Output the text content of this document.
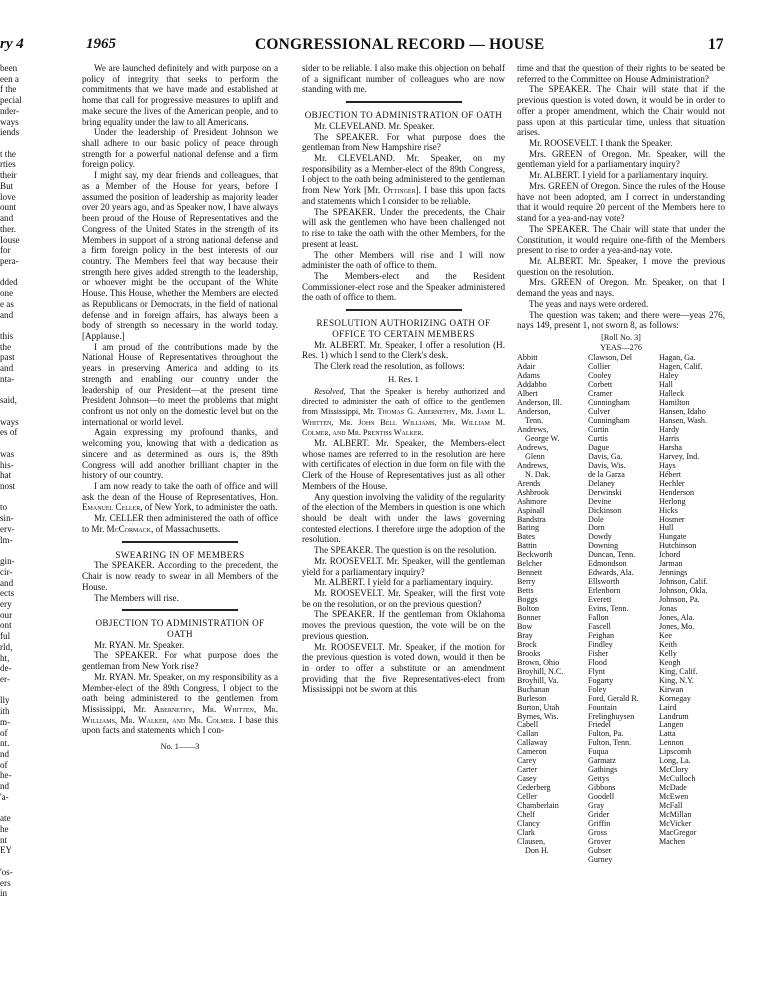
ry 4	1965	CONGRESSIONAL RECORD — HOUSE	17
been
een a
f the
pecial
nder-
ways
iends
t the
rties
their
But
love
ount
and
ther.
Iouse
for
pera-
dded
one
e as
and
this
the
past
and
nta-
said,
ways
es of
was
his-
hat
nost
to
sin-
erv-
lm-
gin-
cir-
and
ects
ery
our
ont
ful
rld,
ht,
de-
er-
lly
ith
m-
of
nt.
nd
of
he-
nd
'a-
ate
he
nt
EY
'os-
ers
in

We are launched definitely and with purpose on a policy of integrity that seeks to perform the commitments that we have made and established at home that call for progressive measures to uplift and make secure the lives of the American people, and to bring equality under the law to all Americans.

Under the leadership of President Johnson we shall adhere to our basic policy of peace through strength for a powerful national defense and a firm foreign policy.

I might say, my dear friends and colleagues, that as a Member of the House for years, before I assumed the position of leadership as majority leader over 20 years ago, and as Speaker now, I have always been proud of the House of Representatives and the Congress of the United States in the strength of its Members in support of a strong national defense and a firm foreign policy in the best interests of our country. The Members feel that way because their strength here gives added strength to the leadership, or whoever might be the occupant of the White House. This House, whether the Members are elected as Republicans or Democrats, in the field of national defense and in foreign affairs, has always been a body of strength so necessary in the world today. [Applause.]

I am proud of the contributions made by the National House of Representatives throughout the years in preserving America and adding to its strength and enabling our country under the leadership of our President—at the present time President Johnson—to meet the problems that might confront us not only on the domestic level but on the international or world level.

Again expressing my profound thanks, and welcoming you, knowing that with a dedication as sincere and as determined as ours is, the 89th Congress will add another brilliant chapter in the history of our country.

I am now ready to take the oath of office and will ask the dean of the House of Representatives, Hon. Emanuel Celler, of New York, to administer the oath.

Mr. CELLER then administered the oath of office to Mr. McCormack, of Massachusetts.

SWEARING IN OF MEMBERS

The SPEAKER. According to the precedent, the Chair is now ready to swear in all Members of the House.

The Members will rise.

OBJECTION TO ADMINISTRATION OF OATH

Mr. RYAN. Mr. Speaker.

The SPEAKER. For what purpose does the gentleman from New York rise?

Mr. RYAN. Mr. Speaker, on my responsibility as a Member-elect of the 89th Congress, I object to the oath being administered to the gentlemen from Mississippi, Mr. Abernethy, Mr. Whitten, Mr. Williams, Mr. Walker, and Mr. Colmer. I base this upon facts and statements which I con-

No. 1——3

sider to be reliable. I also make this objection on behalf of a significant number of colleagues who are now standing with me.

OBJECTION TO ADMINISTRATION OF OATH

Mr. CLEVELAND. Mr. Speaker.

The SPEAKER. For what purpose does the gentleman from New Hampshire rise?

Mr. CLEVELAND. Mr. Speaker, on my responsibility as a Member-elect of the 89th Congress, I object to the oath being administered to the gentleman from New York [Mr. Ottinger]. I base this upon facts and statements which I consider to be reliable.

The SPEAKER. Under the precedents, the Chair will ask the gentlemen who have been challenged not to rise to take the oath with the other Members, for the present at least.

The other Members will rise and I will now administer the oath of office to them.

The Members-elect and the Resident Commissioner-elect rose and the Speaker administered the oath of office to them.

RESOLUTION AUTHORIZING OATH OF OFFICE TO CERTAIN MEMBERS

Mr. ALBERT. Mr. Speaker, I offer a resolution (H. Res. 1) which I send to the Clerk's desk.

The Clerk read the resolution, as follows:

H. Res. 1

Resolved, That the Speaker is hereby authorized and directed to administer the oath of office to the gentlemen from Mississippi, Mr. Thomas G. Abernethy, Mr. Jamie L. Whitten, Mr. John Bell Williams, Mr. William M. Colmer, and Mr. Prentiss Walker.

Mr. ALBERT. Mr. Speaker, the Members-elect whose names are referred to in the resolution are here with certificates of election in due form on file with the Clerk of the House of Representatives just as all other Members of the House.

Any question involving the validity of the regularity of the election of the Members in question is one which should be dealt with under the laws governing contested elections. I therefore urge the adoption of the resolution.

The SPEAKER. The question is on the resolution.

Mr. ROOSEVELT. Mr. Speaker, will the gentleman yield for a parliamentary inquiry?

Mr. ALBERT. I yield for a parliamentary inquiry.

Mr. ROOSEVELT. Mr. Speaker, will the first vote be on the resolution, or on the previous question?

The SPEAKER. If the gentleman from Oklahoma moves the previous question, the vote will be on the previous question.

Mr. ROOSEVELT. Mr. Speaker, if the motion for the previous question is voted down, would it then be in order to offer a substitute or an amendment providing that the five Representatives-elect from Mississippi not be sworn at this

time and that the question of their rights to be seated be referred to the Committee on House Administration?

The SPEAKER. The Chair will state that if the previous question is voted down, it would be in order to offer a proper amendment, which the Chair would not pass upon at this particular time, unless that situation arises.

Mr. ROOSEVELT. I thank the Speaker.

Mrs. GREEN of Oregon. Mr. Speaker, will the gentleman yield for a parliamentary inquiry?

Mr. ALBERT. I yield for a parliamentary inquiry.

Mrs. GREEN of Oregon. Since the rules of the House have not been adopted, am I correct in understanding that it would require 20 percent of the Members here to stand for a yea-and-nay vote?

The SPEAKER. The Chair will state that under the Constitution, it would require one-fifth of the Members present to rise to order a yea-and-nay vote.

Mr. ALBERT. Mr. Speaker, I move the previous question on the resolution.

Mrs. GREEN of Oregon. Mr. Speaker, on that I demand the yeas and nays.

The yeas and nays were ordered.

The question was taken; and there were—yeas 276, nays 149, present 1, not sworn 8, as follows:

[Roll No. 3]

YEAS—276

Abbitt
Adair
Adams
Addabbo
Albert
Anderson, Ill.
Anderson,
Tenn.
Andrews,
George W.
Andrews,
Glenn
Andrews,
N. Dak.
Arends
Ashbrook
Ashmore
Aspinall
Bandstra
Baring
Bates
Battin
Beckworth
Belcher
Bennett
Berry
Betts
Boggs
Bolton
Bonner
Bow
Bray
Brock
Brooks
Brown, Ohio
Broyhill, N.C.
Broyhill, Va.
Buchanan
Burleson
Burton, Utah
Byrnes, Wis.
Cabell
Callan
Callaway
Cameron
Carey
Carter
Casey
Cederberg
Celler
Chamberlain
Chelf
Clancy
Clark
Clausen,
Don H.
Clawson, Del
Collier
Cooley
Corbett
Cramer
Cunningham
Culver
Cunningham
Curtin
Curtis
Dague
Davis, Ga.
Davis, Wis.
de la Garza
Delaney
Derwinski
Devine
Dickinson
Dole
Dorn
Dowdy
Downing
Duncan, Tenn.
Edmondson
Edwards, Ala.
Ellsworth
Erlenborn
Everett
Evins, Tenn.
Fallon
Fascell
Feighan
Findley
Fisher
Flood
Flynt
Fogarty
Foley
Ford, Gerald R.
Fountain
Frelinghuysen
Friedel
Fulton, Pa.
Fulton, Tenn.
Fuqua
Garmatz
Gathings
Gettys
Gibbons
Goodell
Gray
Grider
Griffin
Gross
Grover
Gubser
Gurney
Hagan, Ga.
Hagen, Calif.
Haley
Hall
Halleck
Hamilton
Hansen, Idaho
Hansen, Wash.
Hardy
Harris
Harsha
Harvey, Ind.
Hays
Hébert
Hechler
Henderson
Herlong
Hicks
Hosmer
Hull
Hungate
Hutchinson
Ichord
Jarman
Jennings
Johnson, Calif.
Johnson, Okla.
Johnson, Pa.
Jonas
Jones, Ala.
Jones, Mo.
Kee
Keith
Kelly
Keogh
King, Calif.
King, N.Y.
Kirwan
Kornegay
Laird
Landrum
Langen
Latta
Lennon
Lipscomb
Long, La.
McClory
McCulloch
McDade
McEwen
McFall
McMillan
McVicker
MacGregor
Machen
